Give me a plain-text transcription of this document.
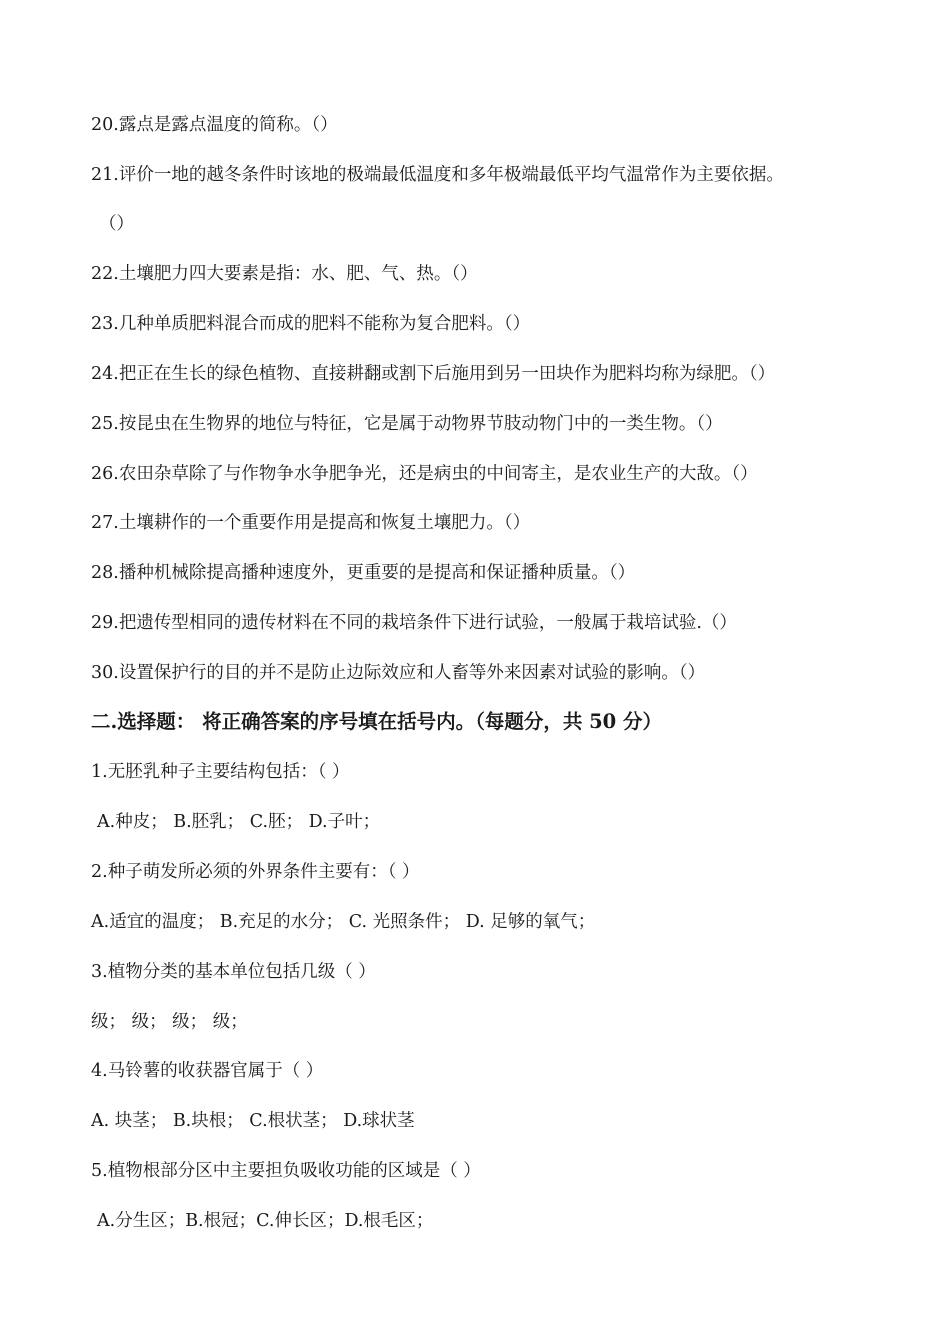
20.露点是露点温度的简称。（）
21.评价一地的越冬条件时该地的极端最低温度和多年极端最低平均气温常作为主要依据。
（）
22.土壤肥力四大要素是指：水、肥、气、热。（）
23.几种单质肥料混合而成的肥料不能称为复合肥料。（）
24.把正在生长的绿色植物、直接耕翻或割下后施用到另一田块作为肥料均称为绿肥。（）
25.按昆虫在生物界的地位与特征，它是属于动物界节肢动物门中的一类生物。（）
26.农田杂草除了与作物争水争肥争光，还是病虫的中间寄主，是农业生产的大敌。（）
27.土壤耕作的一个重要作用是提高和恢复土壤肥力。（）
28.播种机械除提高播种速度外，更重要的是提高和保证播种质量。（）
29.把遗传型相同的遗传材料在不同的栽培条件下进行试验，一般属于栽培试验.（）
30.设置保护行的目的并不是防止边际效应和人畜等外来因素对试验的影响。（）
二.选择题： 将正确答案的序号填在括号内。（每题分，共 50 分）
1.无胚乳种子主要结构包括：（ ）
A.种皮； B.胚乳； C.胚； D.子叶；
2.种子萌发所必须的外界条件主要有：（ ）
A.适宜的温度； B.充足的水分； C. 光照条件； D. 足够的氧气；
3.植物分类的基本单位包括几级（ ）
级； 级； 级； 级；
4.马铃薯的收获器官属于（ ）
A. 块茎； B.块根； C.根状茎； D.球状茎
5.植物根部分区中主要担负吸收功能的区域是（ ）
A.分生区；B.根冠；C.伸长区；D.根毛区；
